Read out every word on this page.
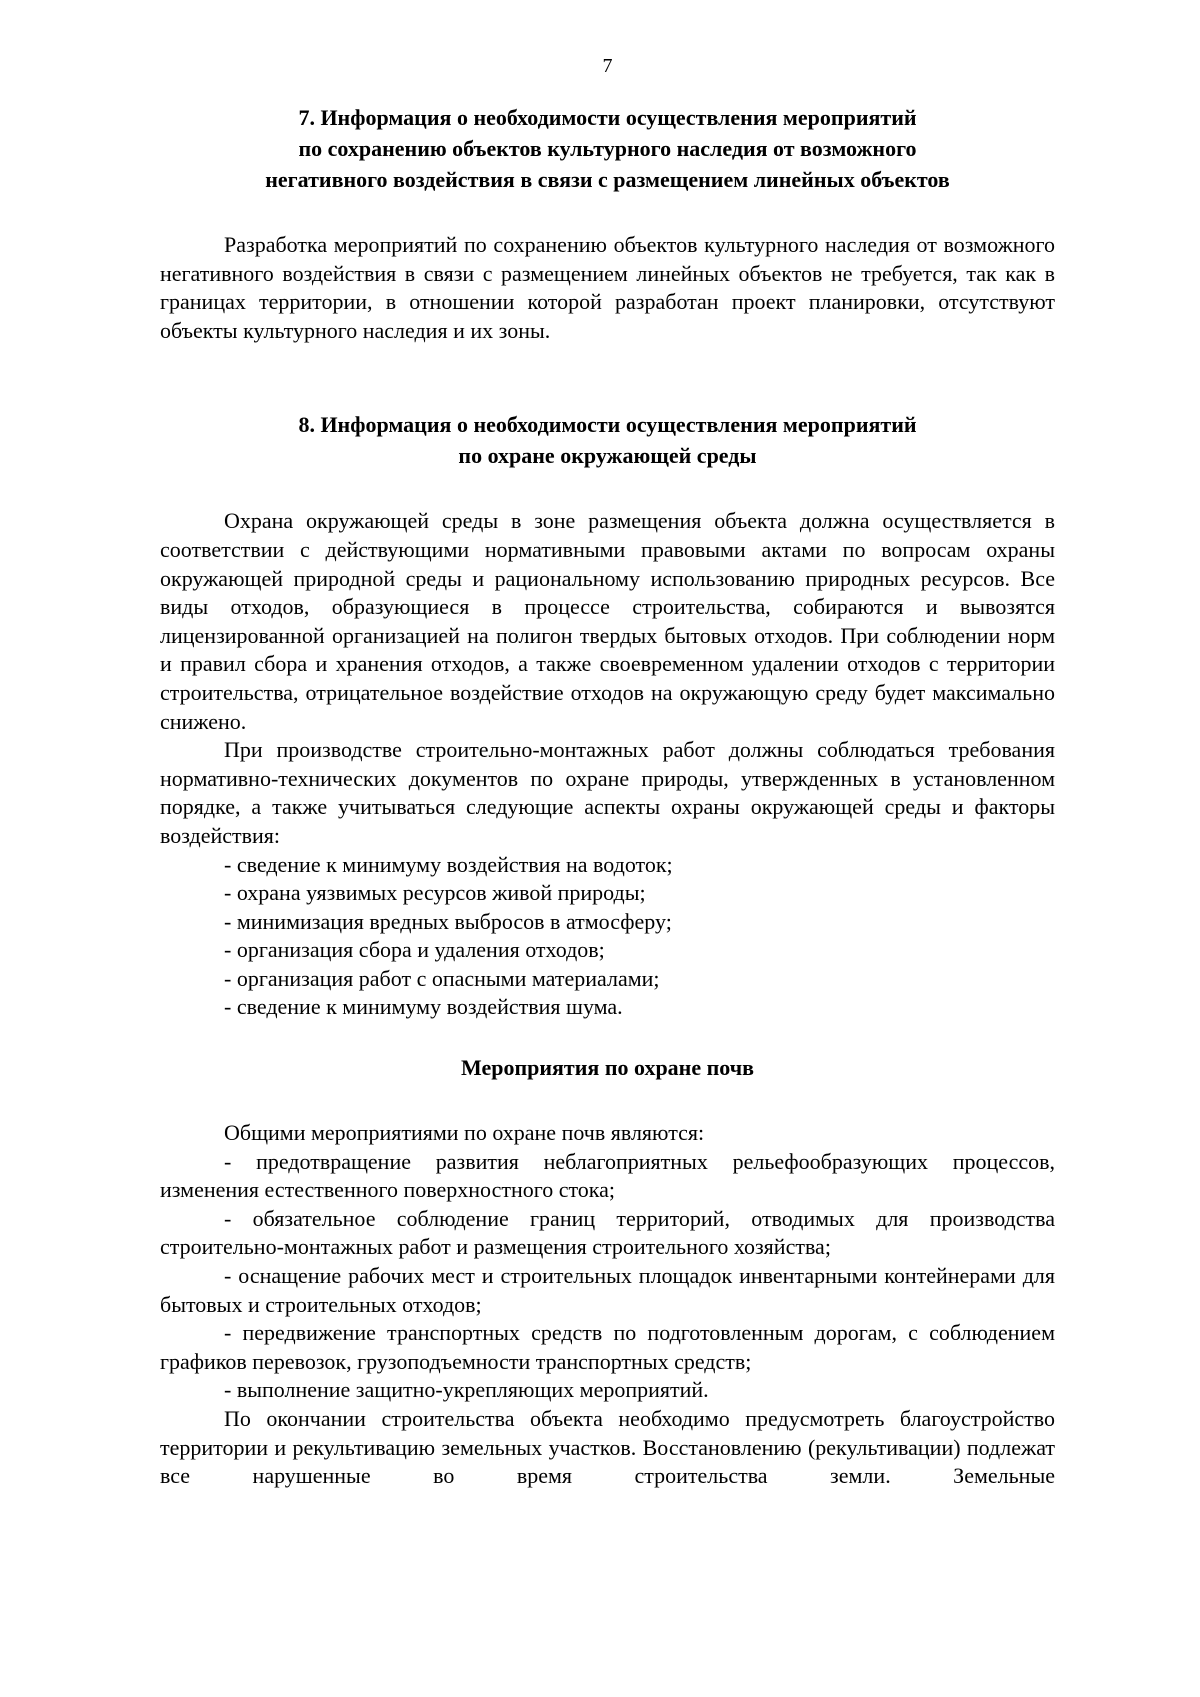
7
7. Информация о необходимости осуществления мероприятий
по сохранению объектов культурного наследия от возможного
негативного воздействия в связи с размещением линейных объектов

Разработка мероприятий по сохранению объектов культурного наследия от возможного негативного воздействия в связи с размещением линейных объектов не требуется, так как в границах территории, в отношении которой разработан проект планировки, отсутствуют объекты культурного наследия и их зоны.

8. Информация о необходимости осуществления мероприятий
по охране окружающей среды

Охрана окружающей среды в зоне размещения объекта должна осуществляется в соответствии с действующими нормативными правовыми актами по вопросам охраны окружающей природной среды и рациональному использованию природных ресурсов. Все виды отходов, образующиеся в процессе строительства, собираются и вывозятся лицензированной организацией на полигон твердых бытовых отходов. При соблюдении норм и правил сбора и хранения отходов, а также своевременном удалении отходов с территории строительства, отрицательное воздействие отходов на окружающую среду будет максимально снижено.

При производстве строительно-монтажных работ должны соблюдаться требования нормативно-технических документов по охране природы, утвержденных в установленном порядке, а также учитываться следующие аспекты охраны окружающей среды и факторы воздействия:

- сведение к минимуму воздействия на водоток;

- охрана уязвимых ресурсов живой природы;

- минимизация вредных выбросов в атмосферу;

- организация сбора и удаления отходов;

- организация работ с опасными материалами;

- сведение к минимуму воздействия шума.

Мероприятия по охране почв

Общими мероприятиями по охране почв являются:

- предотвращение развития неблагоприятных рельефообразующих процессов, изменения естественного поверхностного стока;

- обязательное соблюдение границ территорий, отводимых для производства строительно-монтажных работ и размещения строительного хозяйства;

- оснащение рабочих мест и строительных площадок инвентарными контейнерами для бытовых и строительных отходов;

- передвижение транспортных средств по подготовленным дорогам, с соблюдением графиков перевозок, грузоподъемности транспортных средств;

- выполнение защитно-укрепляющих мероприятий.

По окончании строительства объекта необходимо предусмотреть благоустройство территории и рекультивацию земельных участков. Восстановлению (рекультивации) подлежат все нарушенные во время строительства земли. Земельные
